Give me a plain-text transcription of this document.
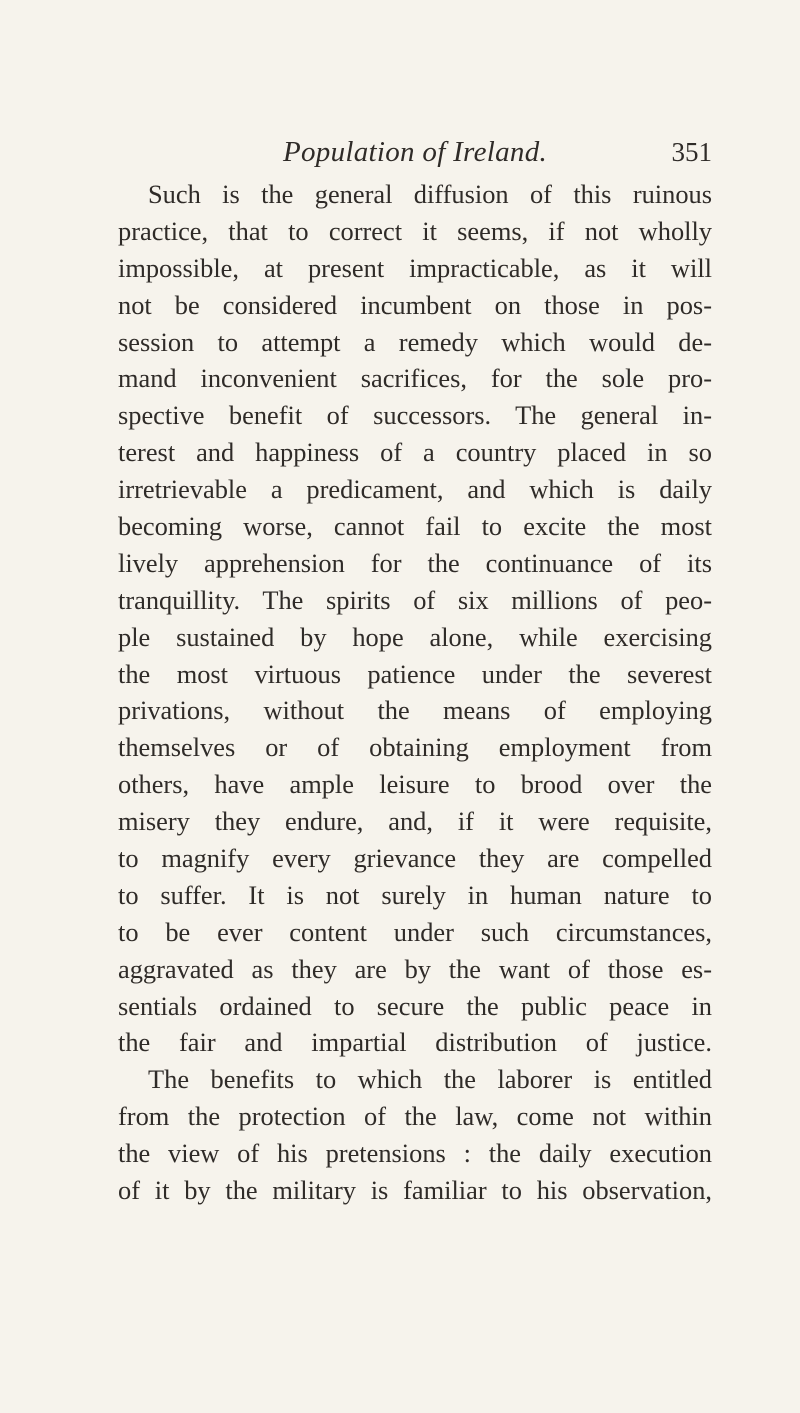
Population of Ireland.	351
Such is the general diffusion of this ruinous
practice, that to correct it seems, if not wholly
impossible, at present impracticable, as it will
not be considered incumbent on those in pos-
session to attempt a remedy which would de-
mand inconvenient sacrifices, for the sole pro-
spective benefit of successors. The general in-
terest and happiness of a country placed in so
irretrievable a predicament, and which is daily
becoming worse, cannot fail to excite the most
lively apprehension for the continuance of its
tranquillity. The spirits of six millions of peo-
ple sustained by hope alone, while exercising
the most virtuous patience under the severest
privations, without the means of employing
themselves or of obtaining employment from
others, have ample leisure to brood over the
misery they endure, and, if it were requisite,
to magnify every grievance they are compelled
to suffer. It is not surely in human nature to
to be ever content under such circumstances,
aggravated as they are by the want of those es-
sentials ordained to secure the public peace in
the fair and impartial distribution of justice.
The benefits to which the laborer is entitled
from the protection of the law, come not within
the view of his pretensions : the daily execution
of it by the military is familiar to his observation,
